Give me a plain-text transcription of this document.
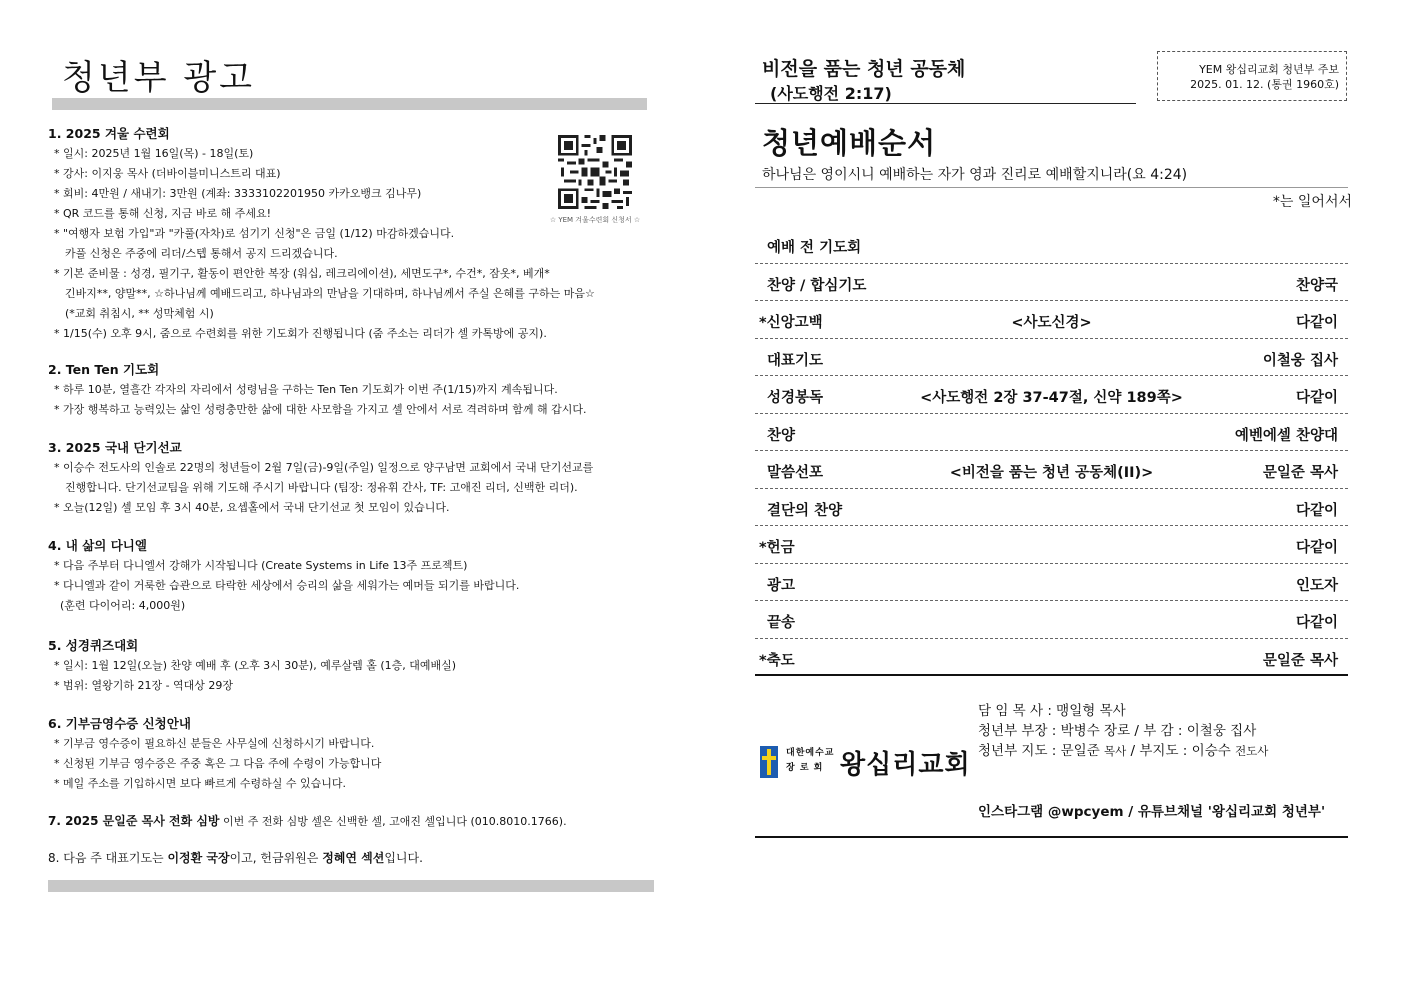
청년부 광고
☆ YEM 겨울수련회 신청서 ☆
1. 2025 겨울 수련회

* 일시: 2025년 1월 16일(목) - 18일(토)

* 강사: 이지웅 목사 (더바이블미니스트리 대표)

* 회비: 4만원 / 새내기: 3만원 (계좌: 3333102201950 카카오뱅크 김나무)

* QR 코드를 통해 신청, 지금 바로 해 주세요!

* "여행자 보험 가입"과 "카풀(자차)로 섬기기 신청"은 금일 (1/12) 마감하겠습니다.

카풀 신청은 주중에 리더/스텝 통해서 공지 드리겠습니다.

* 기본 준비물 : 성경, 필기구, 활동이 편안한 복장 (워십, 레크리에이션), 세면도구*, 수건*, 잠옷*, 베개*

긴바지**, 양말**, ☆하나님께 예배드리고, 하나님과의 만남을 기대하며, 하나님께서 주실 은혜를 구하는 마음☆

(*교회 취침시, ** 성막체험 시)

* 1/15(수) 오후 9시, 줌으로 수련회를 위한 기도회가 진행됩니다 (줌 주소는 리더가 셀 카톡방에 공지).

2. Ten Ten 기도회

* 하루 10분, 열흘간 각자의 자리에서 성령님을 구하는 Ten Ten 기도회가 이번 주(1/15)까지 계속됩니다.

* 가장 행복하고 능력있는 삶인 성령충만한 삶에 대한 사모함을 가지고 셀 안에서 서로 격려하며 함께 해 갑시다.

3. 2025 국내 단기선교

* 이승수 전도사의 인솔로 22명의 청년들이 2월 7일(금)-9일(주일) 일정으로 양구남면 교회에서 국내 단기선교를

진행합니다. 단기선교팀을 위해 기도해 주시기 바랍니다 (팀장: 정유휘 간사, TF: 고애진 리더, 신백한 리더).

* 오늘(12일) 셀 모임 후 3시 40분, 요셉홀에서 국내 단기선교 첫 모임이 있습니다.

4. 내 삶의 다니엘

* 다음 주부터 다니엘서 강해가 시작됩니다 (Create Systems in Life 13주 프로젝트)

* 다니엘과 같이 거룩한 습관으로 타락한 세상에서 승리의 삶을 세워가는 예머들 되기를 바랍니다.

(훈련 다이어리: 4,000원)

5. 성경퀴즈대회

* 일시: 1월 12일(오늘) 찬양 예배 후 (오후 3시 30분), 예루살렘 홀 (1층, 대예배실)

* 범위: 열왕기하 21장 - 역대상 29장

6. 기부금영수증 신청안내

* 기부금 영수증이 필요하신 분들은 사무실에 신청하시기 바랍니다.

* 신청된 기부금 영수증은 주중 혹은 그 다음 주에 수령이 가능합니다

* 메일 주소를 기입하시면 보다 빠르게 수령하실 수 있습니다.

7. 2025 문일준 목사 전화 심방 이번 주 전화 심방 셀은 신백한 셀, 고애진 셀입니다 (010.8010.1766).

8. 다음 주 대표기도는 이정환 국장이고, 헌금위원은 정혜연 섹션입니다.

비전을 품는 청년 공동체
(사도행전 2:17)
YEM 왕십리교회 청년부 주보
2025. 01. 12. (통권 1960호)
청년예배순서
하나님은 영이시니 예배하는 자가 영과 진리로 예배할지니라(요 4:24)
*는 일어서서
예배 전 기도회
찬양 / 합심기도	찬양국
*신앙고백	<사도신경>	다같이
대표기도	이철웅 집사
성경봉독	<사도행전 2장 37-47절, 신약 189쪽>	다같이
찬양	예벤에셀 찬양대
말씀선포	<비전을 품는 청년 공동체(II)>	문일준 목사
결단의 찬양	다같이
*헌금	다같이
광고	인도자
끝송	다같이
*축도	문일준 목사
대한예수교
장 로 회 왕십리교회
담 임 목 사 : 맹일형 목사
청년부 부장 : 박병수 장로 / 부 감 : 이철웅 집사
청년부 지도 : 문일준 목사 / 부지도 : 이승수 전도사
인스타그램 @wpcyem / 유튜브채널 '왕십리교회 청년부'
